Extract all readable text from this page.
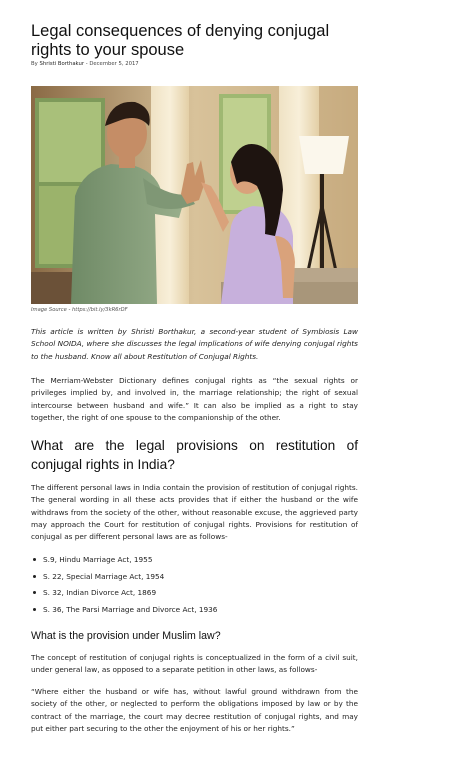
Legal consequences of denying conjugal rights to your spouse
By Shristi Borthakur - December 5, 2017
Image Source - https://bit.ly/3kR6rDF

This article is written by Shristi Borthakur, a second-year student of Symbiosis Law School NOIDA, where she discusses the legal implications of wife denying conjugal rights to the husband. Know all about Restitution of Conjugal Rights.

The Merriam-Webster Dictionary defines conjugal rights as “the sexual rights or privileges implied by, and involved in, the marriage relationship; the right of sexual intercourse between husband and wife.” It can also be implied as a right to stay together, the right of one spouse to the companionship of the other.

What are the legal provisions on restitution of conjugal rights in India?

The different personal laws in India contain the provision of restitution of conjugal rights. The general wording in all these acts provides that if either the husband or the wife withdraws from the society of the other, without reasonable excuse, the aggrieved party may approach the Court for restitution of conjugal rights. Provisions for restitution of conjugal as per different personal laws are as follows-

S.9, Hindu Marriage Act, 1955
S. 22, Special Marriage Act, 1954
S. 32, Indian Divorce Act, 1869
S. 36, The Parsi Marriage and Divorce Act, 1936
What is the provision under Muslim law?

The concept of restitution of conjugal rights is conceptualized in the form of a civil suit, under general law, as opposed to a separate petition in other laws, as follows-

“Where either the husband or wife has, without lawful ground withdrawn from the society of the other, or neglected to perform the obligations imposed by law or by the contract of the marriage, the court may decree restitution of conjugal rights, and may put either part securing to the other the enjoyment of his or her rights.”
